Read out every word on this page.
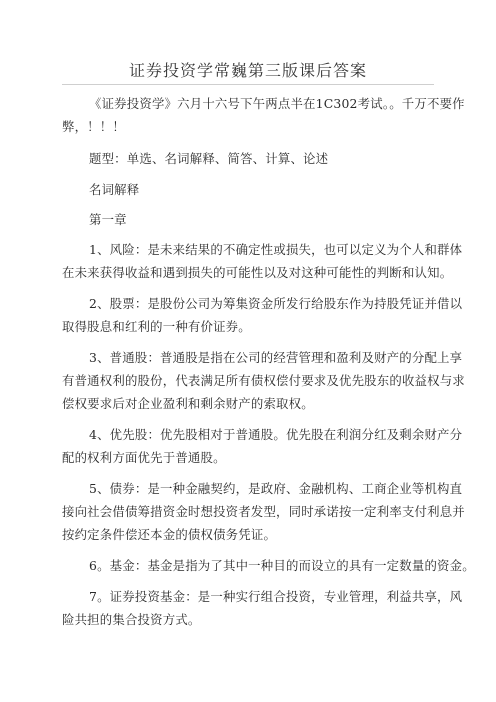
证券投资学常巍第三版课后答案
《证券投资学》六月十六号下午两点半在1C302考试。。千万不要作
弊，！！！
题型：单选、名词解释、简答、计算、论述
名词解释
第一章
1、风险：是未来结果的不确定性或损失，也可以定义为个人和群体
在未来获得收益和遇到损失的可能性以及对这种可能性的判断和认知。
2、股票：是股份公司为筹集资金所发行给股东作为持股凭证并借以
取得股息和红利的一种有价证券。
3、普通股：普通股是指在公司的经营管理和盈利及财产的分配上享
有普通权利的股份，代表满足所有债权偿付要求及优先股东的收益权与求
偿权要求后对企业盈利和剩余财产的索取权。
4、优先股：优先股相对于普通股。优先股在利润分红及剩余财产分
配的权利方面优先于普通股。
5、债券：是一种金融契约，是政府、金融机构、工商企业等机构直
接向社会借债筹措资金时想投资者发型，同时承诺按一定利率支付利息并
按约定条件偿还本金的债权债务凭证。
6。基金：基金是指为了其中一种目的而设立的具有一定数量的资金。
7。证券投资基金：是一种实行组合投资，专业管理，利益共享，风
险共担的集合投资方式。
